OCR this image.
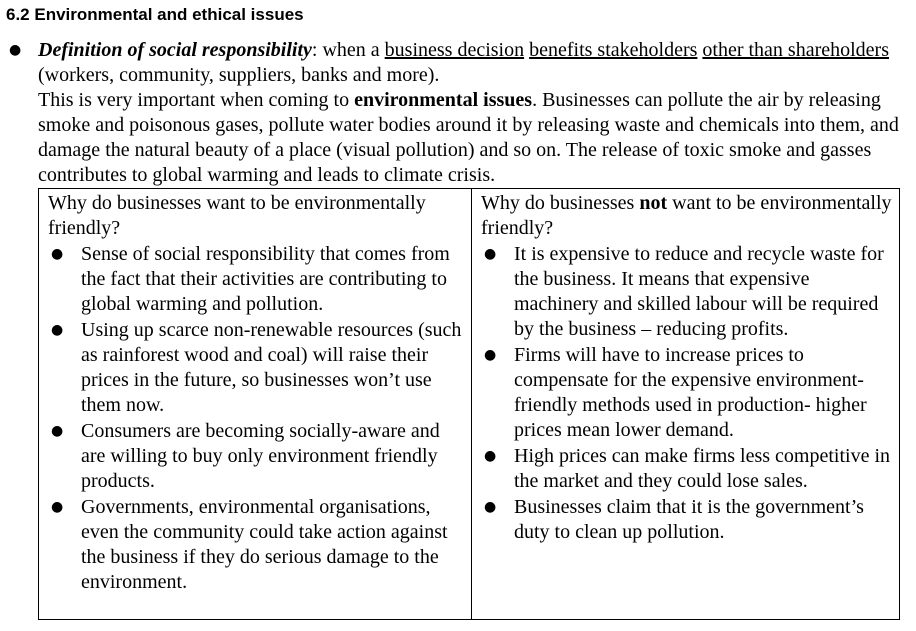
6.2 Environmental and ethical issues
● Definition of social responsibility: when a business decision benefits stakeholders other than shareholders (workers, community, suppliers, banks and more).
This is very important when coming to environmental issues. Businesses can pollute the air by releasing smoke and poisonous gases, pollute water bodies around it by releasing waste and chemicals into them, and damage the natural beauty of a place (visual pollution) and so on. The release of toxic smoke and gasses contributes to global warming and leads to climate crisis.
Why do businesses want to be environmentally friendly?
● Sense of social responsibility that comes from the fact that their activities are contributing to global warming and pollution.
● Using up scarce non-renewable resources (such as rainforest wood and coal) will raise their prices in the future, so businesses won’t use them now.
● Consumers are becoming socially-aware and are willing to buy only environment friendly products.
● Governments, environmental organisations, even the community could take action against the business if they do serious damage to the environment.

Why do businesses not want to be environmentally friendly?
● It is expensive to reduce and recycle waste for the business. It means that expensive machinery and skilled labour will be required by the business – reducing profits.
● Firms will have to increase prices to compensate for the expensive environment-friendly methods used in production- higher prices mean lower demand.
● High prices can make firms less competitive in the market and they could lose sales.
● Businesses claim that it is the government’s duty to clean up pollution.
